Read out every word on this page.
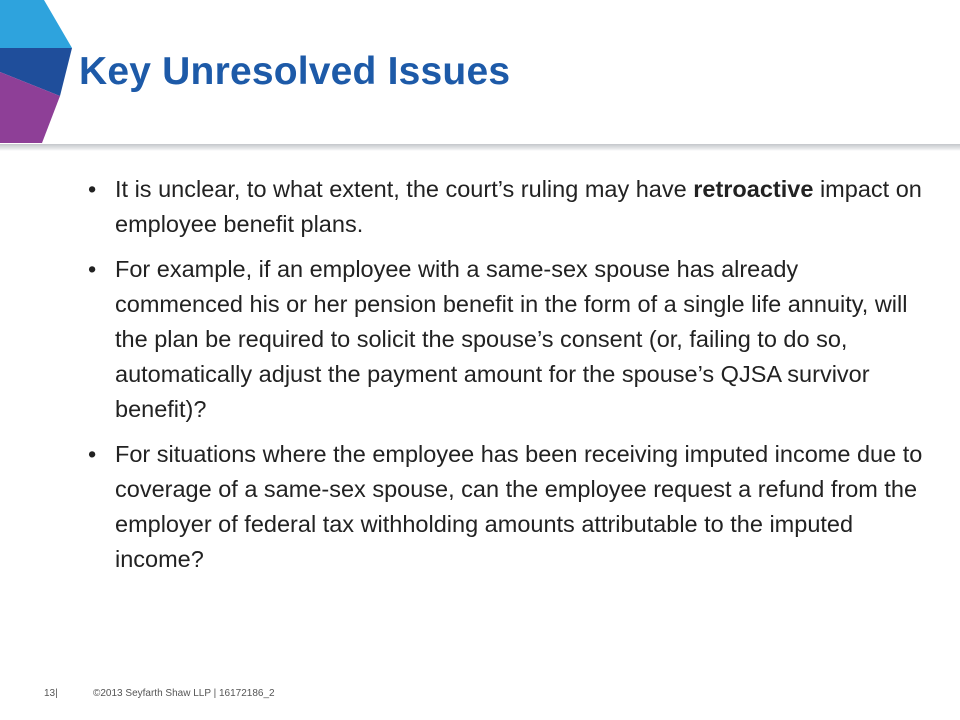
Key Unresolved Issues
• It is unclear, to what extent, the court’s ruling may have retroactive impact on employee benefit plans.
• For example, if an employee with a same-sex spouse has already commenced his or her pension benefit in the form of a single life annuity, will the plan be required to solicit the spouse’s consent (or, failing to do so, automatically adjust the payment amount for the spouse’s QJSA survivor benefit)?
• For situations where the employee has been receiving imputed income due to coverage of a same-sex spouse, can the employee request a refund from the employer of federal tax withholding amounts attributable to the imputed income?
13|	©2013 Seyfarth Shaw LLP | 16172186_2
